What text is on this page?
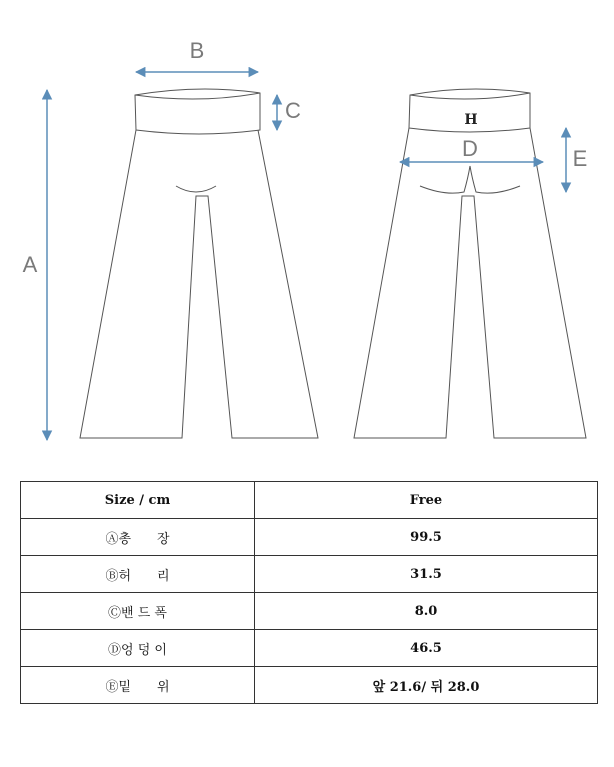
H
A
B
C
D	E
Size / cm	Free
Ⓐ총　　장	99.5
Ⓑ허　　리	31.5
Ⓒ밴 드 폭	8.0
Ⓓ엉 덩 이	46.5
Ⓔ밑　　위	앞 21.6/ 뒤 28.0
